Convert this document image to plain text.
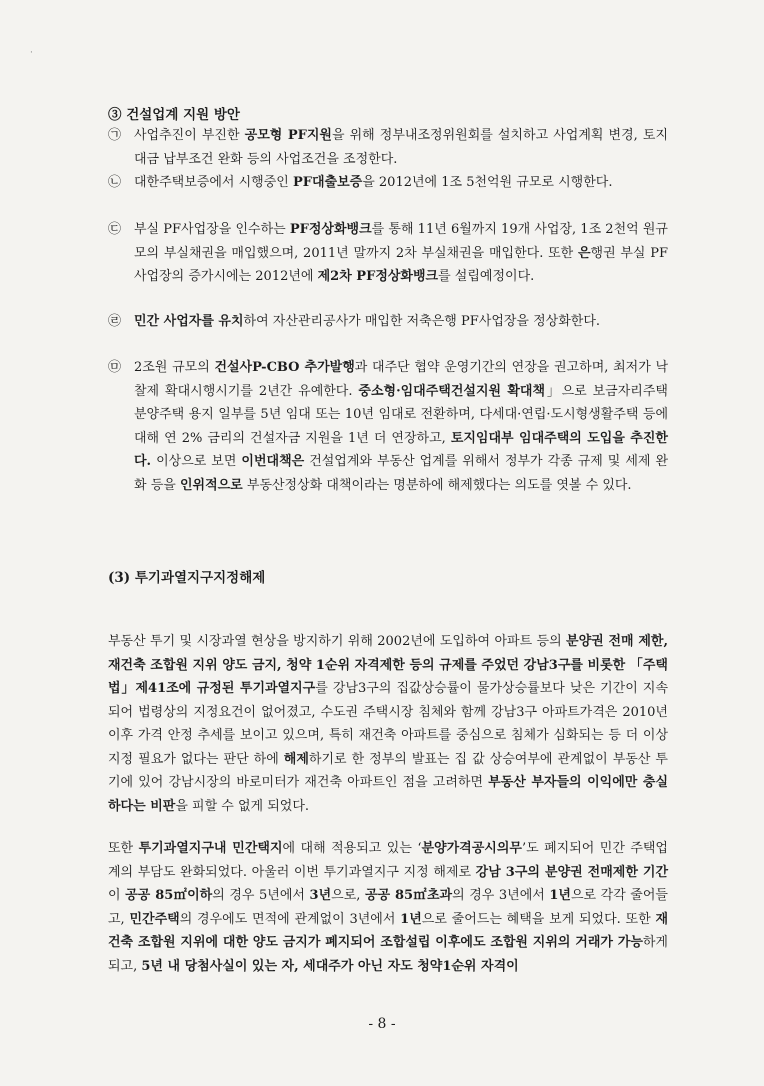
·
③ 건설업계 지원 방안
㉠ 사업추진이 부진한 공모형 PF지원을 위해 정부내조정위원회를 설치하고 사업계획 변경, 토지대금 납부조건 완화 등의 사업조건을 조정한다.
㉡ 대한주택보증에서 시행중인 PF대출보증을 2012년에 1조 5천억원 규모로 시행한다.
㉢ 부실 PF사업장을 인수하는 PF정상화뱅크를 통해 11년 6월까지 19개 사업장, 1조 2천억 원규모의 부실채권을 매입했으며, 2011년 말까지 2차 부실채권을 매입한다. 또한 은행권 부실 PF사업장의 증가시에는 2012년에 제2차 PF정상화뱅크를 설립예정이다.
㉣ 민간 사업자를 유치하여 자산관리공사가 매입한 저축은행 PF사업장을 정상화한다.
㉤ 2조원 규모의 건설사P-CBO 추가발행과 대주단 협약 운영기간의 연장을 권고하며, 최저가 낙찰제 확대시행시기를 2년간 유예한다. 중소형·임대주택건설지원 확대책」으로 보금자리주택 분양주택 용지 일부를 5년 임대 또는 10년 임대로 전환하며, 다세대·연립·도시형생활주택 등에 대해 연 2% 금리의 건설자금 지원을 1년 더 연장하고, 토지임대부 임대주택의 도입을 추진한다. 이상으로 보면 이번대책은 건설업계와 부동산 업계를 위해서 정부가 각종 규제 및 세제 완화 등을 인위적으로 부동산정상화 대책이라는 명분하에 해제했다는 의도를 엿볼 수 있다.
(3) 투기과열지구지정해제
부동산 투기 및 시장과열 현상을 방지하기 위해 2002년에 도입하여 아파트 등의 분양권 전매 제한, 재건축 조합원 지위 양도 금지, 청약 1순위 자격제한 등의 규제를 주었던 강남3구를 비롯한 「주택법」제41조에 규정된 투기과열지구를 강남3구의 집값상승률이 물가상승률보다 낮은 기간이 지속되어 법령상의 지정요건이 없어졌고, 수도권 주택시장 침체와 함께 강남3구 아파트가격은 2010년 이후 가격 안정 추세를 보이고 있으며, 특히 재건축 아파트를 중심으로 침체가 심화되는 등 더 이상 지정 필요가 없다는 판단 하에 해제하기로 한 정부의 발표는 집 값 상승여부에 관계없이 부동산 투기에 있어 강남시장의 바로미터가 재건축 아파트인 점을 고려하면 부동산 부자들의 이익에만 충실하다는 비판을 피할 수 없게 되었다.
또한 투기과열지구내 민간택지에 대해 적용되고 있는 ‘분양가격공시의무’도 폐지되어 민간 주택업계의 부담도 완화되었다. 아울러 이번 투기과열지구 지정 해제로 강남 3구의 분양권 전매제한 기간이 공공 85㎡이하의 경우 5년에서 3년으로, 공공 85㎡초과의 경우 3년에서 1년으로 각각 줄어들고, 민간주택의 경우에도 면적에 관계없이 3년에서 1년으로 줄어드는 혜택을 보게 되었다. 또한 재건축 조합원 지위에 대한 양도 금지가 폐지되어 조합설립 이후에도 조합원 지위의 거래가 가능하게 되고, 5년 내 당첨사실이 있는 자, 세대주가 아닌 자도 청약1순위 자격이
- 8 -
